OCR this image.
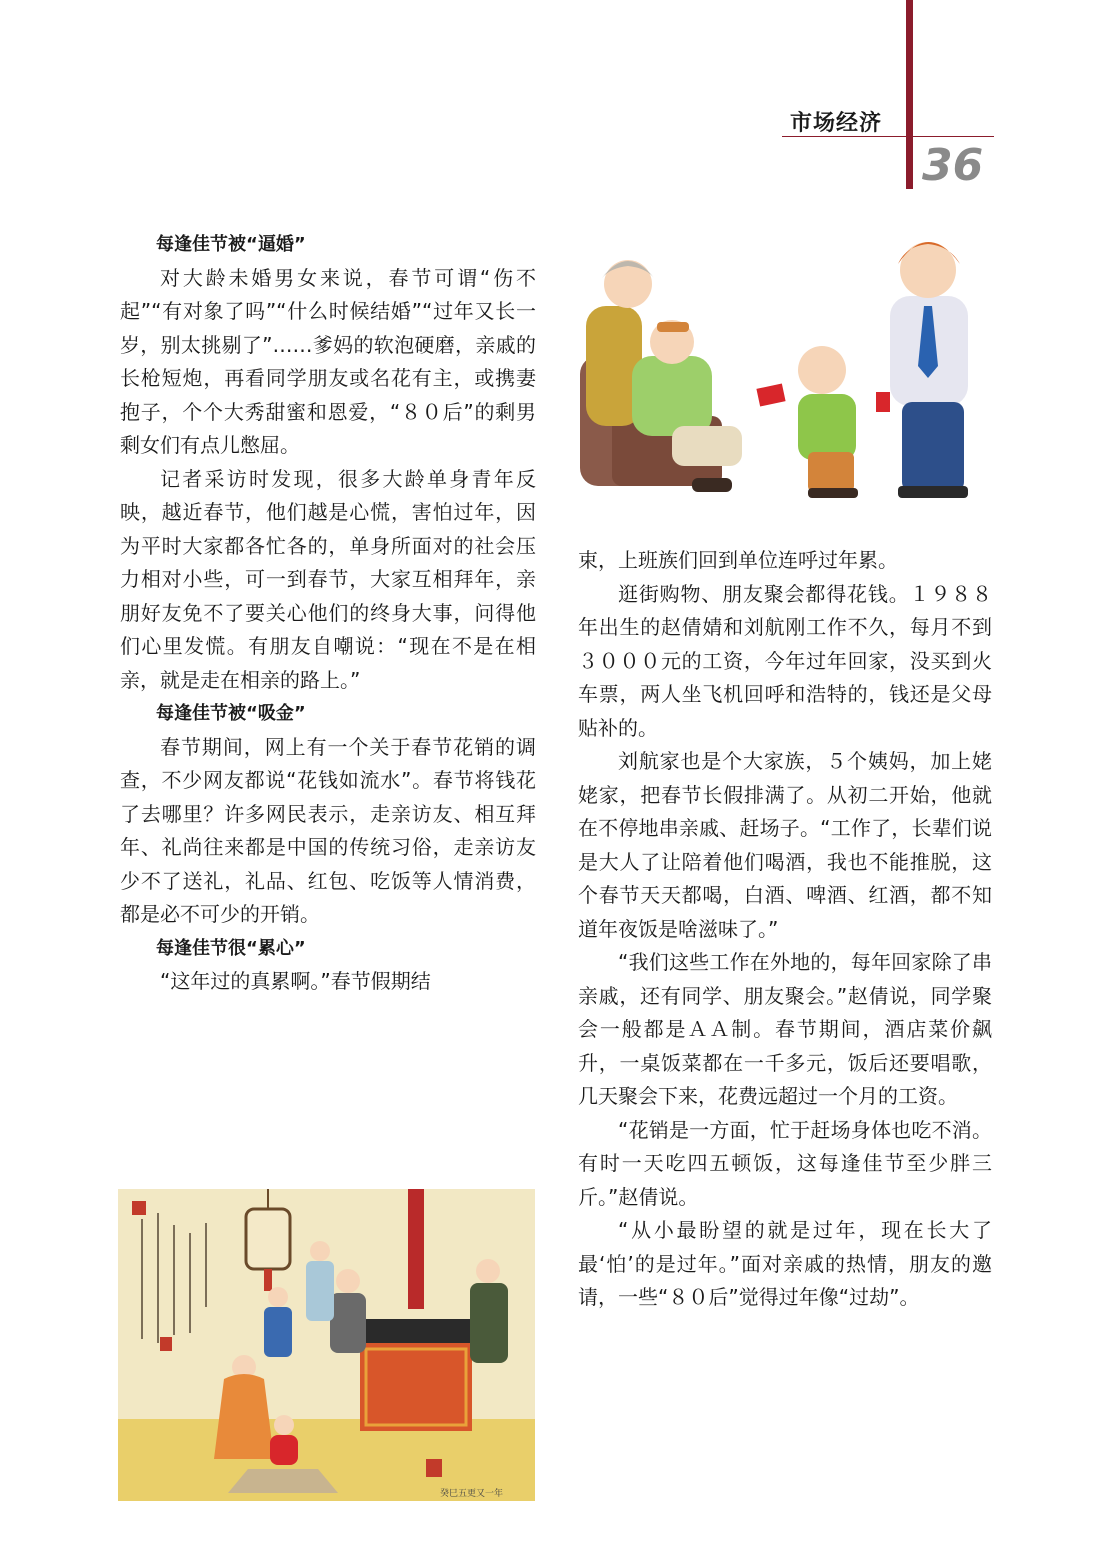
市场经济
36

每逢佳节被“逼婚”

对大龄未婚男女来说，春节可谓“伤不起”“有对象了吗”“什么时候结婚”“过年又长一岁，别太挑剔了”……爹妈的软泡硬磨，亲戚的长枪短炮，再看同学朋友或名花有主，或携妻抱子，个个大秀甜蜜和恩爱，“８０后”的剩男剩女们有点儿憋屈。

记者采访时发现，很多大龄单身青年反映，越近春节，他们越是心慌，害怕过年，因为平时大家都各忙各的，单身所面对的社会压力相对小些，可一到春节，大家互相拜年，亲朋好友免不了要关心他们的终身大事，问得他们心里发慌。有朋友自嘲说：“现在不是在相亲，就是走在相亲的路上。”

每逢佳节被“吸金”

春节期间，网上有一个关于春节花销的调查，不少网友都说“花钱如流水”。春节将钱花了去哪里？许多网民表示，走亲访友、相互拜年、礼尚往来都是中国的传统习俗，走亲访友少不了送礼，礼品、红包、吃饭等人情消费，都是必不可少的开销。

每逢佳节很“累心”

“这年过的真累啊。”春节假期结

束，上班族们回到单位连呼过年累。

逛街购物、朋友聚会都得花钱。１９８８年出生的赵倩婧和刘航刚工作不久，每月不到３０００元的工资，今年过年回家，没买到火车票，两人坐飞机回呼和浩特的，钱还是父母贴补的。

刘航家也是个大家族，５个姨妈，加上姥姥家，把春节长假排满了。从初二开始，他就在不停地串亲戚、赶场子。“工作了，长辈们说是大人了让陪着他们喝酒，我也不能推脱，这个春节天天都喝，白酒、啤酒、红酒，都不知道年夜饭是啥滋味了。”

“我们这些工作在外地的，每年回家除了串亲戚，还有同学、朋友聚会。”赵倩说，同学聚会一般都是ＡＡ制。春节期间，酒店菜价飙升，一桌饭菜都在一千多元，饭后还要唱歌，几天聚会下来，花费远超过一个月的工资。

“花销是一方面，忙于赶场身体也吃不消。有时一天吃四五顿饭，这每逢佳节至少胖三斤。”赵倩说。

“从小最盼望的就是过年，现在长大了最‘怕’的是过年。”面对亲戚的热情，朋友的邀请，一些“８０后”觉得过年像“过劫”。

癸巳五更又一年
